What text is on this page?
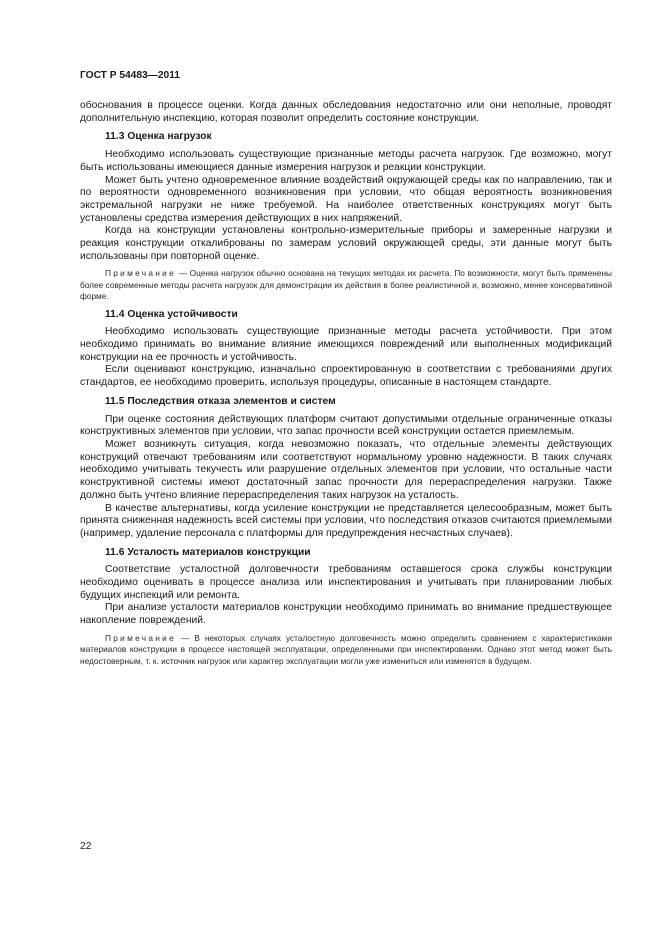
ГОСТ Р 54483—2011

обоснования в процессе оценки. Когда данных обследования недостаточно или они неполные, проводят дополнительную инспекцию, которая позволит определить состояние конструкции.

11.3 Оценка нагрузок

Необходимо использовать существующие признанные методы расчета нагрузок. Где возможно, могут быть использованы имеющиеся данные измерения нагрузок и реакции конструкции.

Может быть учтено одновременное влияние воздействий окружающей среды как по направлению, так и по вероятности одновременного возникновения при условии, что общая вероятность возникновения экстремальной нагрузки не ниже требуемой. На наиболее ответственных конструкциях могут быть установлены средства измерения действующих в них напряжений.

Когда на конструкции установлены контрольно-измерительные приборы и замеренные нагрузки и реакция конструкции откалиброваны по замерам условий окружающей среды, эти данные могут быть использованы при повторной оценке.

Примечание — Оценка нагрузок обычно основана на текущих методах их расчета. По возможности, могут быть применены более современные методы расчета нагрузок для демонстрации их действия в более реалистичной и, возможно, менее консервативной форме.

11.4 Оценка устойчивости

Необходимо использовать существующие признанные методы расчета устойчивости. При этом необходимо принимать во внимание влияние имеющихся повреждений или выполненных модификаций конструкции на ее прочность и устойчивость.

Если оценивают конструкцию, изначально спроектированную в соответствии с требованиями других стандартов, ее необходимо проверить, используя процедуры, описанные в настоящем стандарте.

11.5 Последствия отказа элементов и систем

При оценке состояния действующих платформ считают допустимыми отдельные ограниченные отказы конструктивных элементов при условии, что запас прочности всей конструкции остается приемлемым.

Может возникнуть ситуация, когда невозможно показать, что отдельные элементы действующих конструкций отвечают требованиям или соответствуют нормальному уровню надежности. В таких случаях необходимо учитывать текучесть или разрушение отдельных элементов при условии, что остальные части конструктивной системы имеют достаточный запас прочности для перераспределения нагрузки. Также должно быть учтено влияние перераспределения таких нагрузок на усталость.

В качестве альтернативы, когда усиление конструкции не представляется целесообразным, может быть принята сниженная надежность всей системы при условии, что последствия отказов считаются приемлемыми (например, удаление персонала с платформы для предупреждения несчастных случаев).

11.6 Усталость материалов конструкции

Соответствие усталостной долговечности требованиям оставшегося срока службы конструкции необходимо оценивать в процессе анализа или инспектирования и учитывать при планировании любых будущих инспекций или ремонта.

При анализе усталости материалов конструкции необходимо принимать во внимание предшествующее накопление повреждений.

Примечание — В некоторых случаях усталостную долговечность можно определить сравнением с характеристиками материалов конструкции в процессе настоящей эксплуатации, определенными при инспектировании. Однако этот метод может быть недостоверным, т. к. источник нагрузок или характер эксплуатации могли уже измениться или изменятся в будущем.

22
